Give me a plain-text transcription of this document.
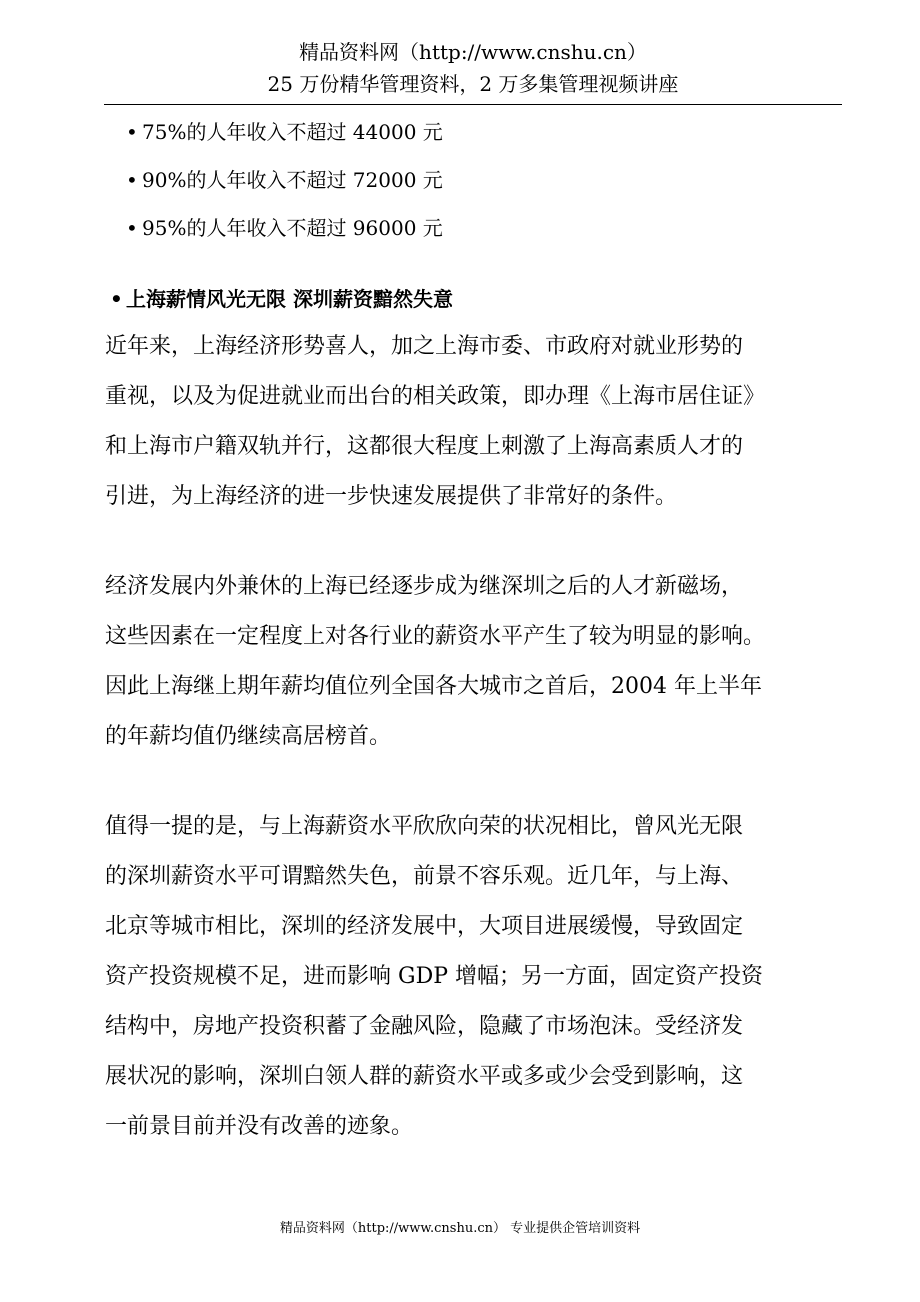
精品资料网（http://www.cnshu.cn）
25 万份精华管理资料，2 万多集管理视频讲座
• 75%的人年收入不超过 44000 元
• 90%的人年收入不超过 72000 元
• 95%的人年收入不超过 96000 元
• 上海薪情风光无限 深圳薪资黯然失意
近年来，上海经济形势喜人，加之上海市委、市政府对就业形势的
重视，以及为促进就业而出台的相关政策，即办理《上海市居住证》
和上海市户籍双轨并行，这都很大程度上刺激了上海高素质人才的
引进，为上海经济的进一步快速发展提供了非常好的条件。
经济发展内外兼休的上海已经逐步成为继深圳之后的人才新磁场，
这些因素在一定程度上对各行业的薪资水平产生了较为明显的影响。
因此上海继上期年薪均值位列全国各大城市之首后，2004 年上半年
的年薪均值仍继续高居榜首。
值得一提的是，与上海薪资水平欣欣向荣的状况相比，曾风光无限
的深圳薪资水平可谓黯然失色，前景不容乐观。近几年，与上海、
北京等城市相比，深圳的经济发展中，大项目进展缓慢，导致固定
资产投资规模不足，进而影响 GDP 增幅；另一方面，固定资产投资
结构中，房地产投资积蓄了金融风险，隐藏了市场泡沫。受经济发
展状况的影响，深圳白领人群的薪资水平或多或少会受到影响，这
一前景目前并没有改善的迹象。
精品资料网（http://www.cnshu.cn） 专业提供企管培训资料
